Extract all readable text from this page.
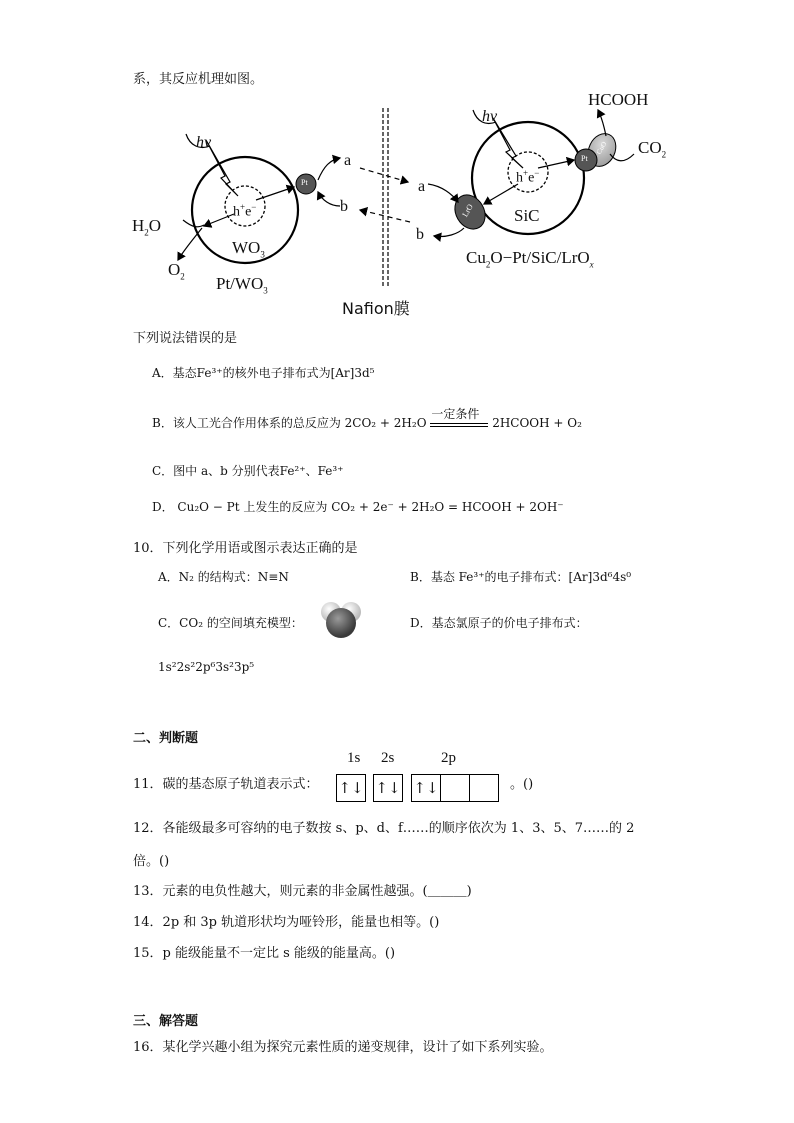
系，其反应机理如图。
hν
Pt
h+e−
$H_2O$
$WO_3$
$O_2$ $Pt/WO_3$
a
b
a
b
Nafion膜
hν
Pt
CuO
LrO
h+e−
SiC
HCOOH
$CO_2$
$Cu_2O-Pt/SiC/LrO_x$
下列说法错误的是
A．基态Fe³⁺的核外电子排布式为[Ar]3d⁵
B．该人工光合作用体系的总反应为 2CO₂ + 2H₂O
一定条件
2HCOOH + O₂
C．图中 a、b 分别代表Fe²⁺、Fe³⁺
D． Cu₂O − Pt 上发生的反应为 CO₂ + 2e⁻ + 2H₂O = HCOOH + 2OH⁻
10．下列化学用语或图示表达正确的是
A．N₂ 的结构式：N≡N	B．基态 Fe³⁺的电子排布式：[Ar]3d⁶4s⁰
C．CO₂ 的空间填充模型：	D．基态氯原子的价电子排布式：
1s²2s²2p⁶3s²3p⁵
二、判断题
11．碳的基态原子轨道表示式：
1s 2s	2p
↑↓ ↑↓ ↑↓	。()
12．各能级最多可容纳的电子数按 s、p、d、f……的顺序依次为 1、3、5、7……的 2
倍。()
13．元素的电负性越大，则元素的非金属性越强。(＿＿＿)
14．2p 和 3p 轨道形状均为哑铃形，能量也相等。()
15．p 能级能量不一定比 s 能级的能量高。()
三、解答题
16．某化学兴趣小组为探究元素性质的递变规律，设计了如下系列实验。
